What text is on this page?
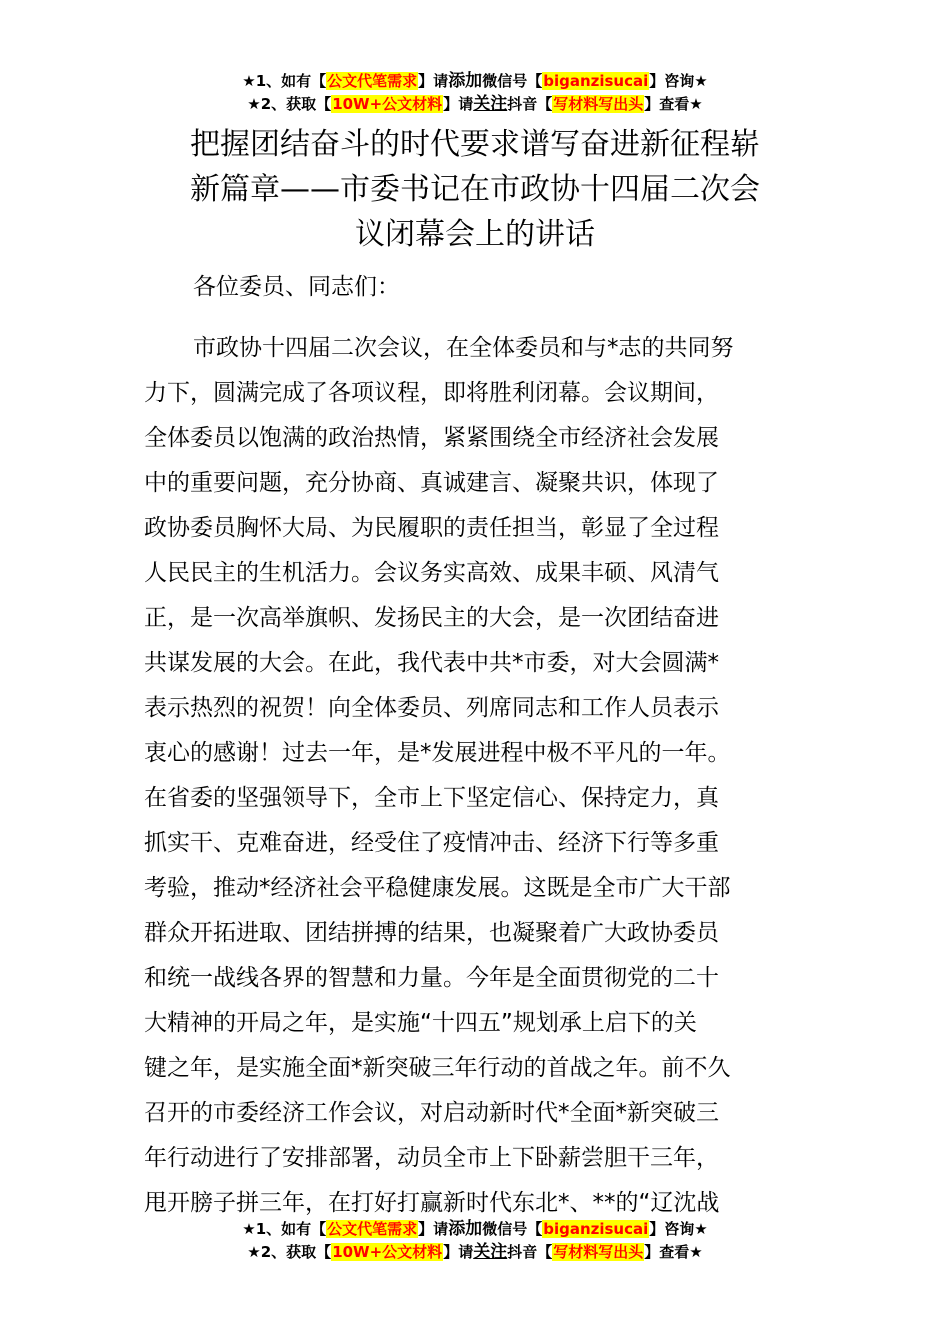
★1、如有【公文代笔需求】请添加微信号【biganzisucai】咨询★
★2、获取【10W+公文材料】请关注抖音【写材料写出头】查看★
把握团结奋斗的时代要求谱写奋进新征程崭
新篇章——市委书记在市政协十四届二次会
议闭幕会上的讲话
各位委员、同志们：
市政协十四届二次会议，在全体委员和与*志的共同努
力下，圆满完成了各项议程，即将胜利闭幕。会议期间，
全体委员以饱满的政治热情，紧紧围绕全市经济社会发展
中的重要问题，充分协商、真诚建言、凝聚共识，体现了
政协委员胸怀大局、为民履职的责任担当，彰显了全过程
人民民主的生机活力。会议务实高效、成果丰硕、风清气
正，是一次高举旗帜、发扬民主的大会，是一次团结奋进
共谋发展的大会。在此，我代表中共*市委，对大会圆满*
表示热烈的祝贺！向全体委员、列席同志和工作人员表示
衷心的感谢！过去一年，是*发展进程中极不平凡的一年。
在省委的坚强领导下，全市上下坚定信心、保持定力，真
抓实干、克难奋进，经受住了疫情冲击、经济下行等多重
考验，推动*经济社会平稳健康发展。这既是全市广大干部
群众开拓进取、团结拼搏的结果，也凝聚着广大政协委员
和统一战线各界的智慧和力量。今年是全面贯彻党的二十
大精神的开局之年，是实施“十四五”规划承上启下的关
键之年，是实施全面*新突破三年行动的首战之年。前不久
召开的市委经济工作会议，对启动新时代*全面*新突破三
年行动进行了安排部署，动员全市上下卧薪尝胆干三年，
甩开膀子拼三年，在打好打赢新时代东北*、**的“辽沈战
★1、如有【公文代笔需求】请添加微信号【biganzisucai】咨询★
★2、获取【10W+公文材料】请关注抖音【写材料写出头】查看★
